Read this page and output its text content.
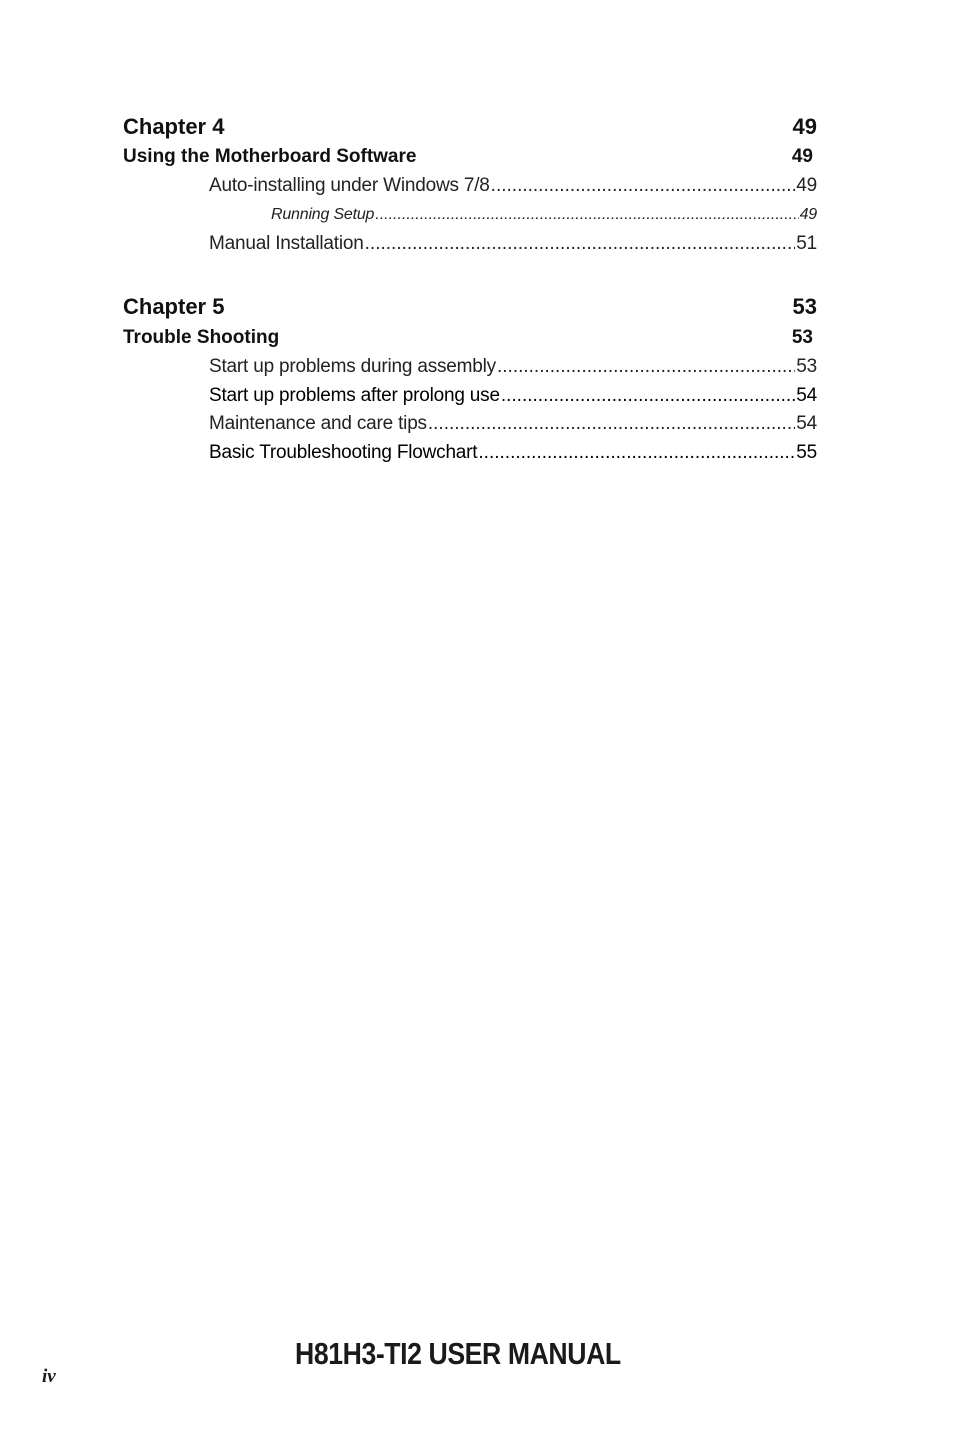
Chapter 4	49
Using the Motherboard Software	49
Auto-installing under Windows 7/8 .....	49
Running Setup .....	49
Manual Installation .....	51
Chapter 5	53
Trouble Shooting	53
Start up problems during assembly .....	53
Start up problems after prolong use .....	54
Maintenance and care tips .....	54
Basic Troubleshooting Flowchart .....	55
H81H3-TI2 USER MANUAL
iv
